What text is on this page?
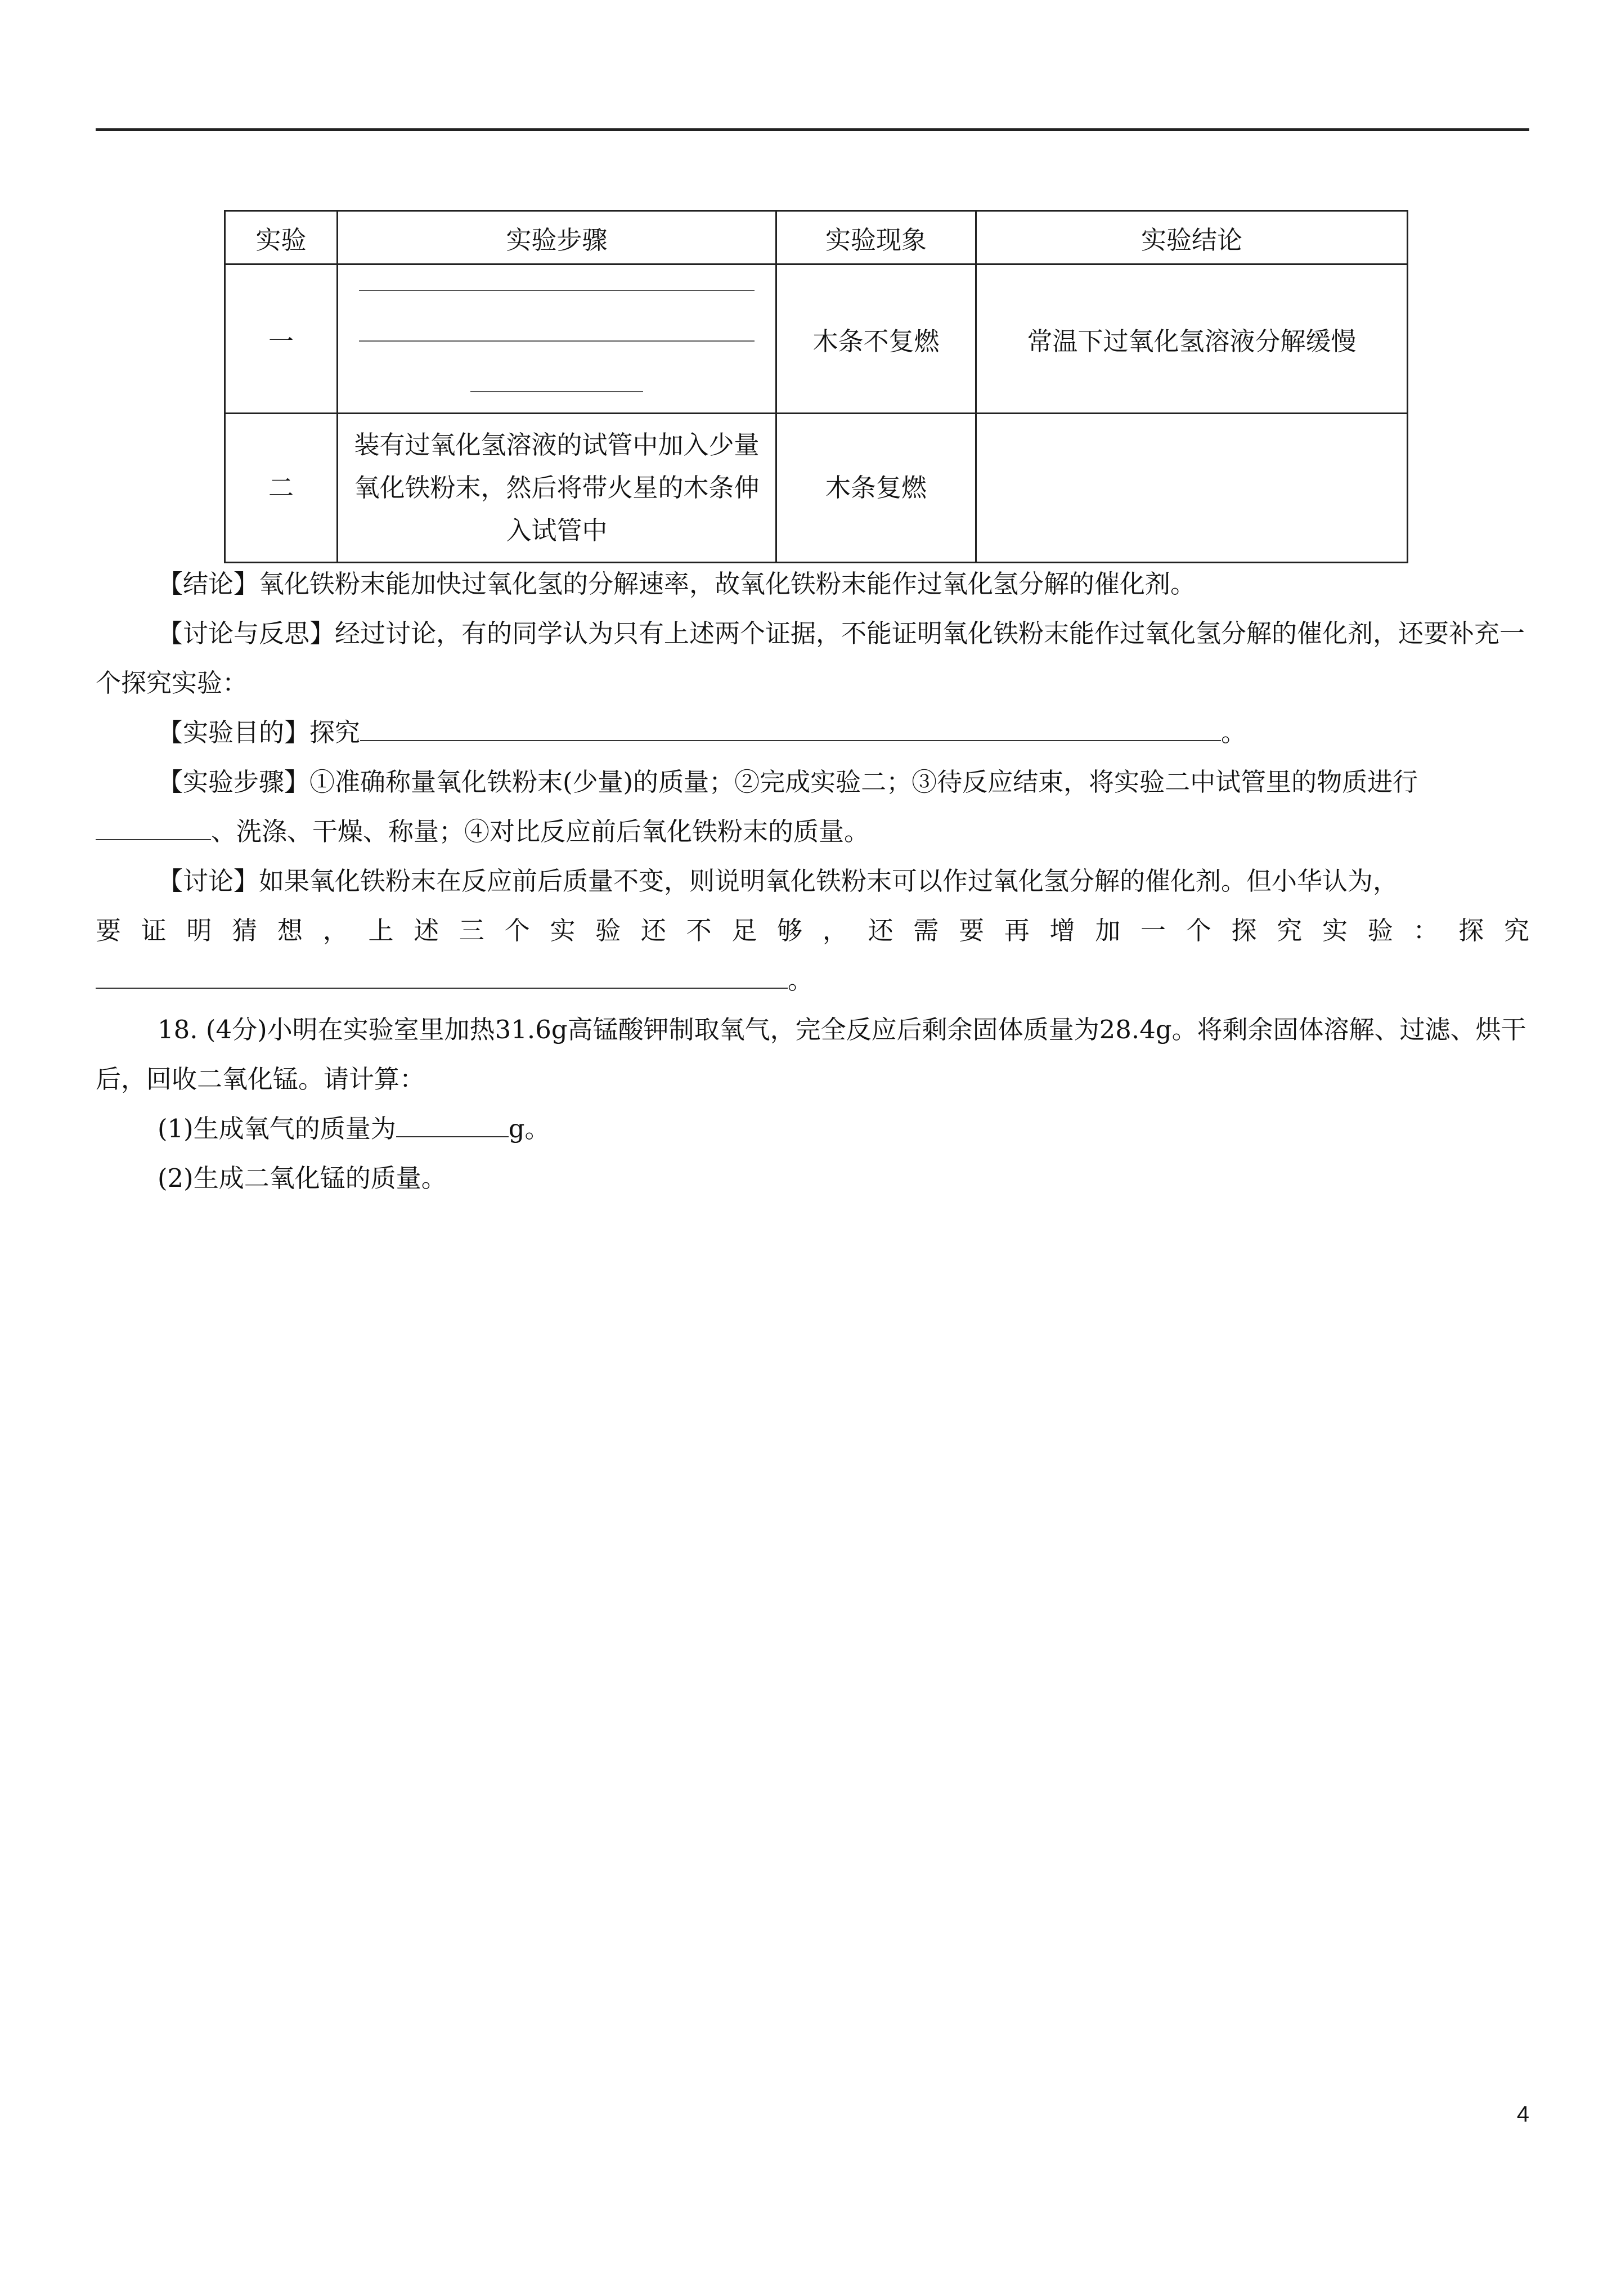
实验	实验步骤	实验现象	实验结论
一		木条不复燃	常温下过氧化氢溶液分解缓慢
二	装有过氧化氢溶液的试管中加入少量氧化铁粉末，然后将带火星的木条伸入试管中	木条复燃	

【结论】氧化铁粉末能加快过氧化氢的分解速率，故氧化铁粉末能作过氧化氢分解的催化剂。

【讨论与反思】经过讨论，有的同学认为只有上述两个证据，不能证明氧化铁粉末能作过氧化氢分解的催化剂，还要补充一个探究实验：

【实验目的】探究	。

【实验步骤】①准确称量氧化铁粉末(少量)的质量；②完成实验二；③待反应结束，将实验二中试管里的物质进行、洗涤、干燥、称量；④对比反应前后氧化铁粉末的质量。

【讨论】如果氧化铁粉末在反应前后质量不变，则说明氧化铁粉末可以作过氧化氢分解的催化剂。但小华认为，

要证明猜想，上述三个实验还不足够，还需要再增加一个探究实验：探究

。

18. (4分)小明在实验室里加热31.6g高锰酸钾制取氧气，完全反应后剩余固体质量为28.4g。将剩余固体溶解、过滤、烘干后，回收二氧化锰。请计算：

(1)生成氧气的质量为	g。

(2)生成二氧化锰的质量。

4
